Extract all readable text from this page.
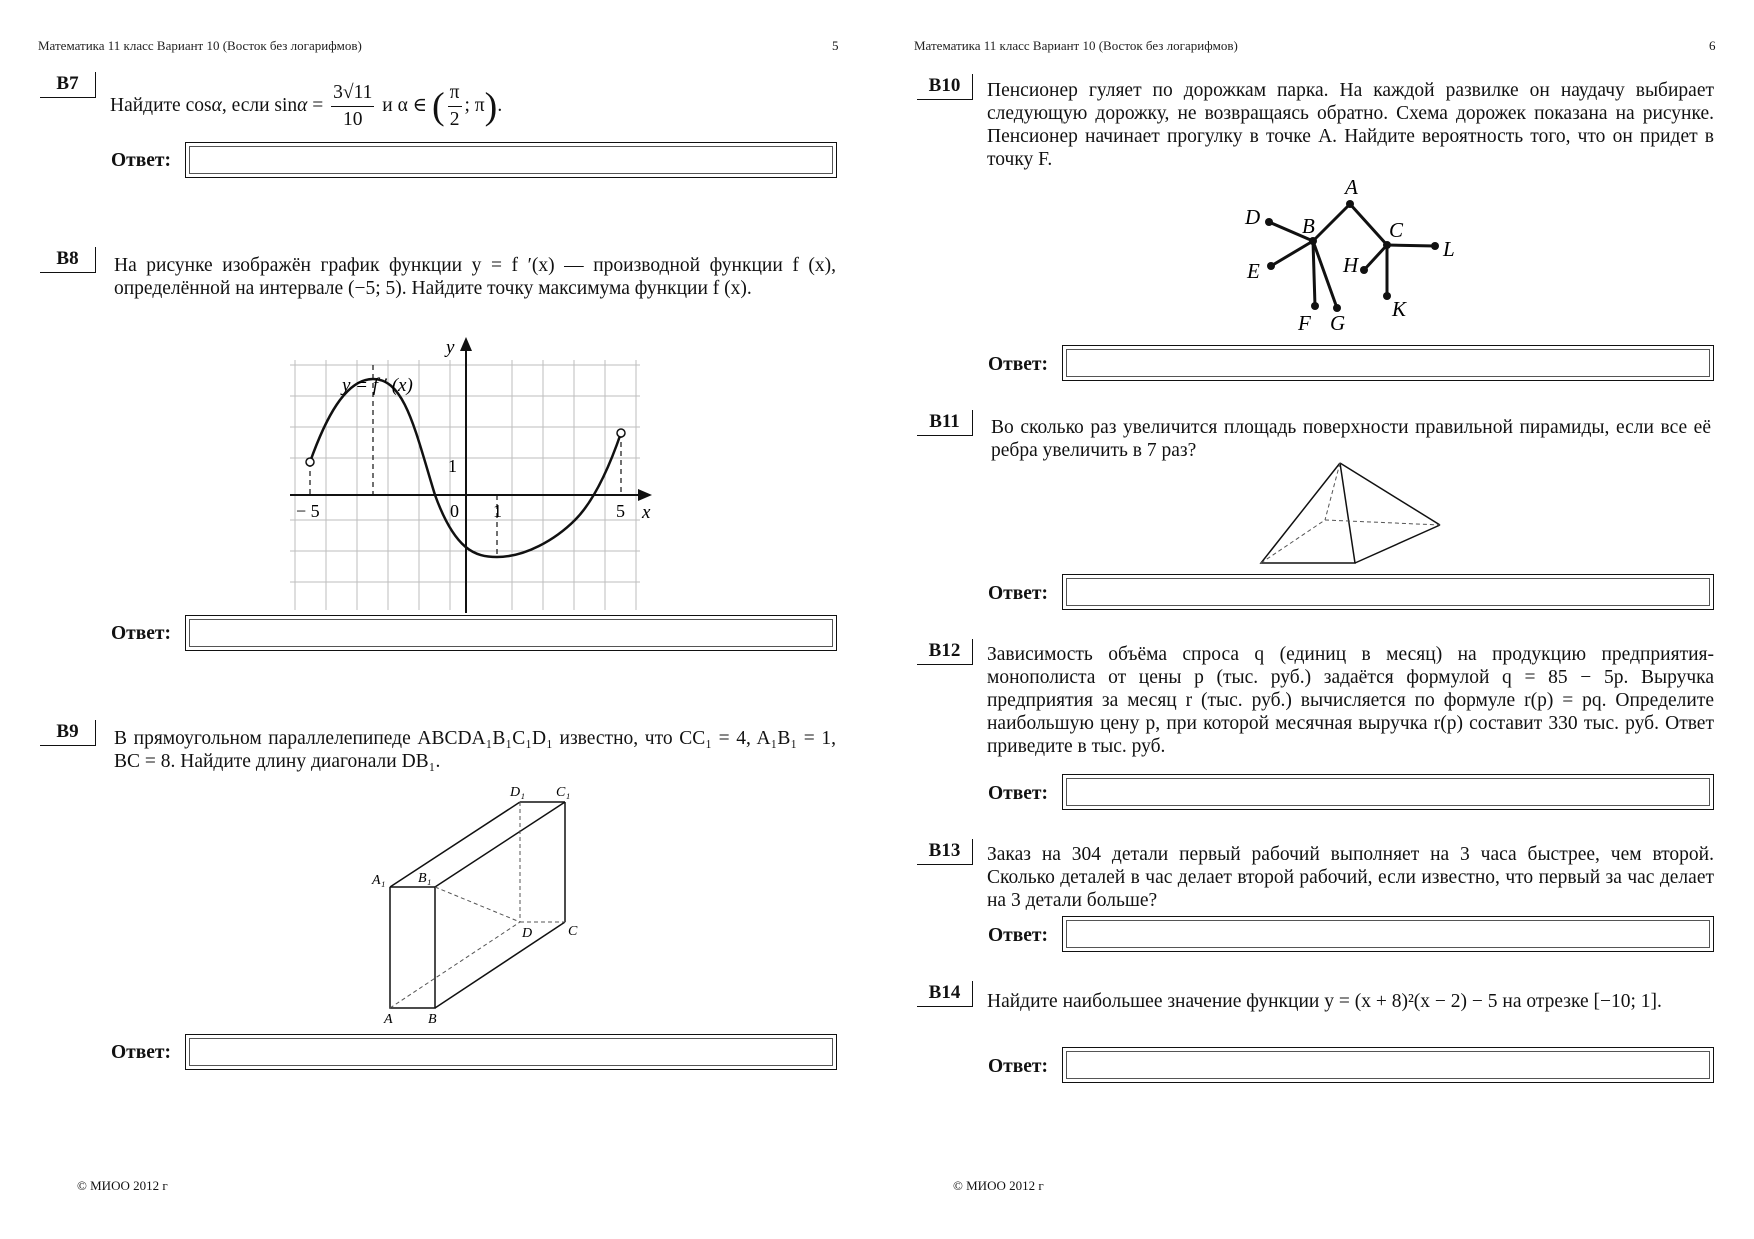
Математика 11 класс Вариант 10 (Восток без логарифмов)	5
B7
Найдите cosα, если $\sin\alpha = \frac{3√11}{10}$ и α ∈ ( $\frac{\pi}{2}$ ; π).
Ответ:
B8	На рисунке изображён график функции y = f ′(x) — производной функции f (x), определённой на интервале (−5; 5). Найдите точку максимума функции f (x).
y = f ′ (x)
y
x
− 5	0 1	5
1
Ответ:
B9	В прямоугольном параллелепипеде ABCDA₁B₁C₁D₁ известно, что CC₁ = 4, A₁B₁ = 1, BC = 8. Найдите длину диагонали DB₁.
A₁ B₁
D₁ C₁
D	C
A	B
Ответ:
© МИОО 2012 г
Математика 11 класс Вариант 10 (Восток без логарифмов)	6
B10	Пенсионер гуляет по дорожкам парка. На каждой развилке он наудачу выбирает следующую дорожку, не возвращаясь обратно. Схема дорожек показана на рисунке. Пенсионер начинает прогулку в точке A. Найдите вероятность того, что он придет в точку F.
A
B	C
D
E
F G
H
K
L
Ответ:
B11	Во сколько раз увеличится площадь поверхности правильной пирамиды, если все её ребра увеличить в 7 раз?
Ответ:
B12	Зависимость объёма спроса q (единиц в месяц) на продукцию предприятия-монополиста от цены p (тыс. руб.) задаётся формулой q = 85 − 5p. Выручка предприятия за месяц r (тыс. руб.) вычисляется по формуле r(p) = pq. Определите наибольшую цену p, при которой месячная выручка r(p) составит 330 тыс. руб. Ответ приведите в тыс. руб.
Ответ:
B13	Заказ на 304 детали первый рабочий выполняет на 3 часа быстрее, чем второй. Сколько деталей в час делает второй рабочий, если известно, что первый за час делает на 3 детали больше?
Ответ:
B14	Найдите наибольшее значение функции y = (x + 8)²(x − 2) − 5 на отрезке [−10; 1].
Ответ:
© МИОО 2012 г
